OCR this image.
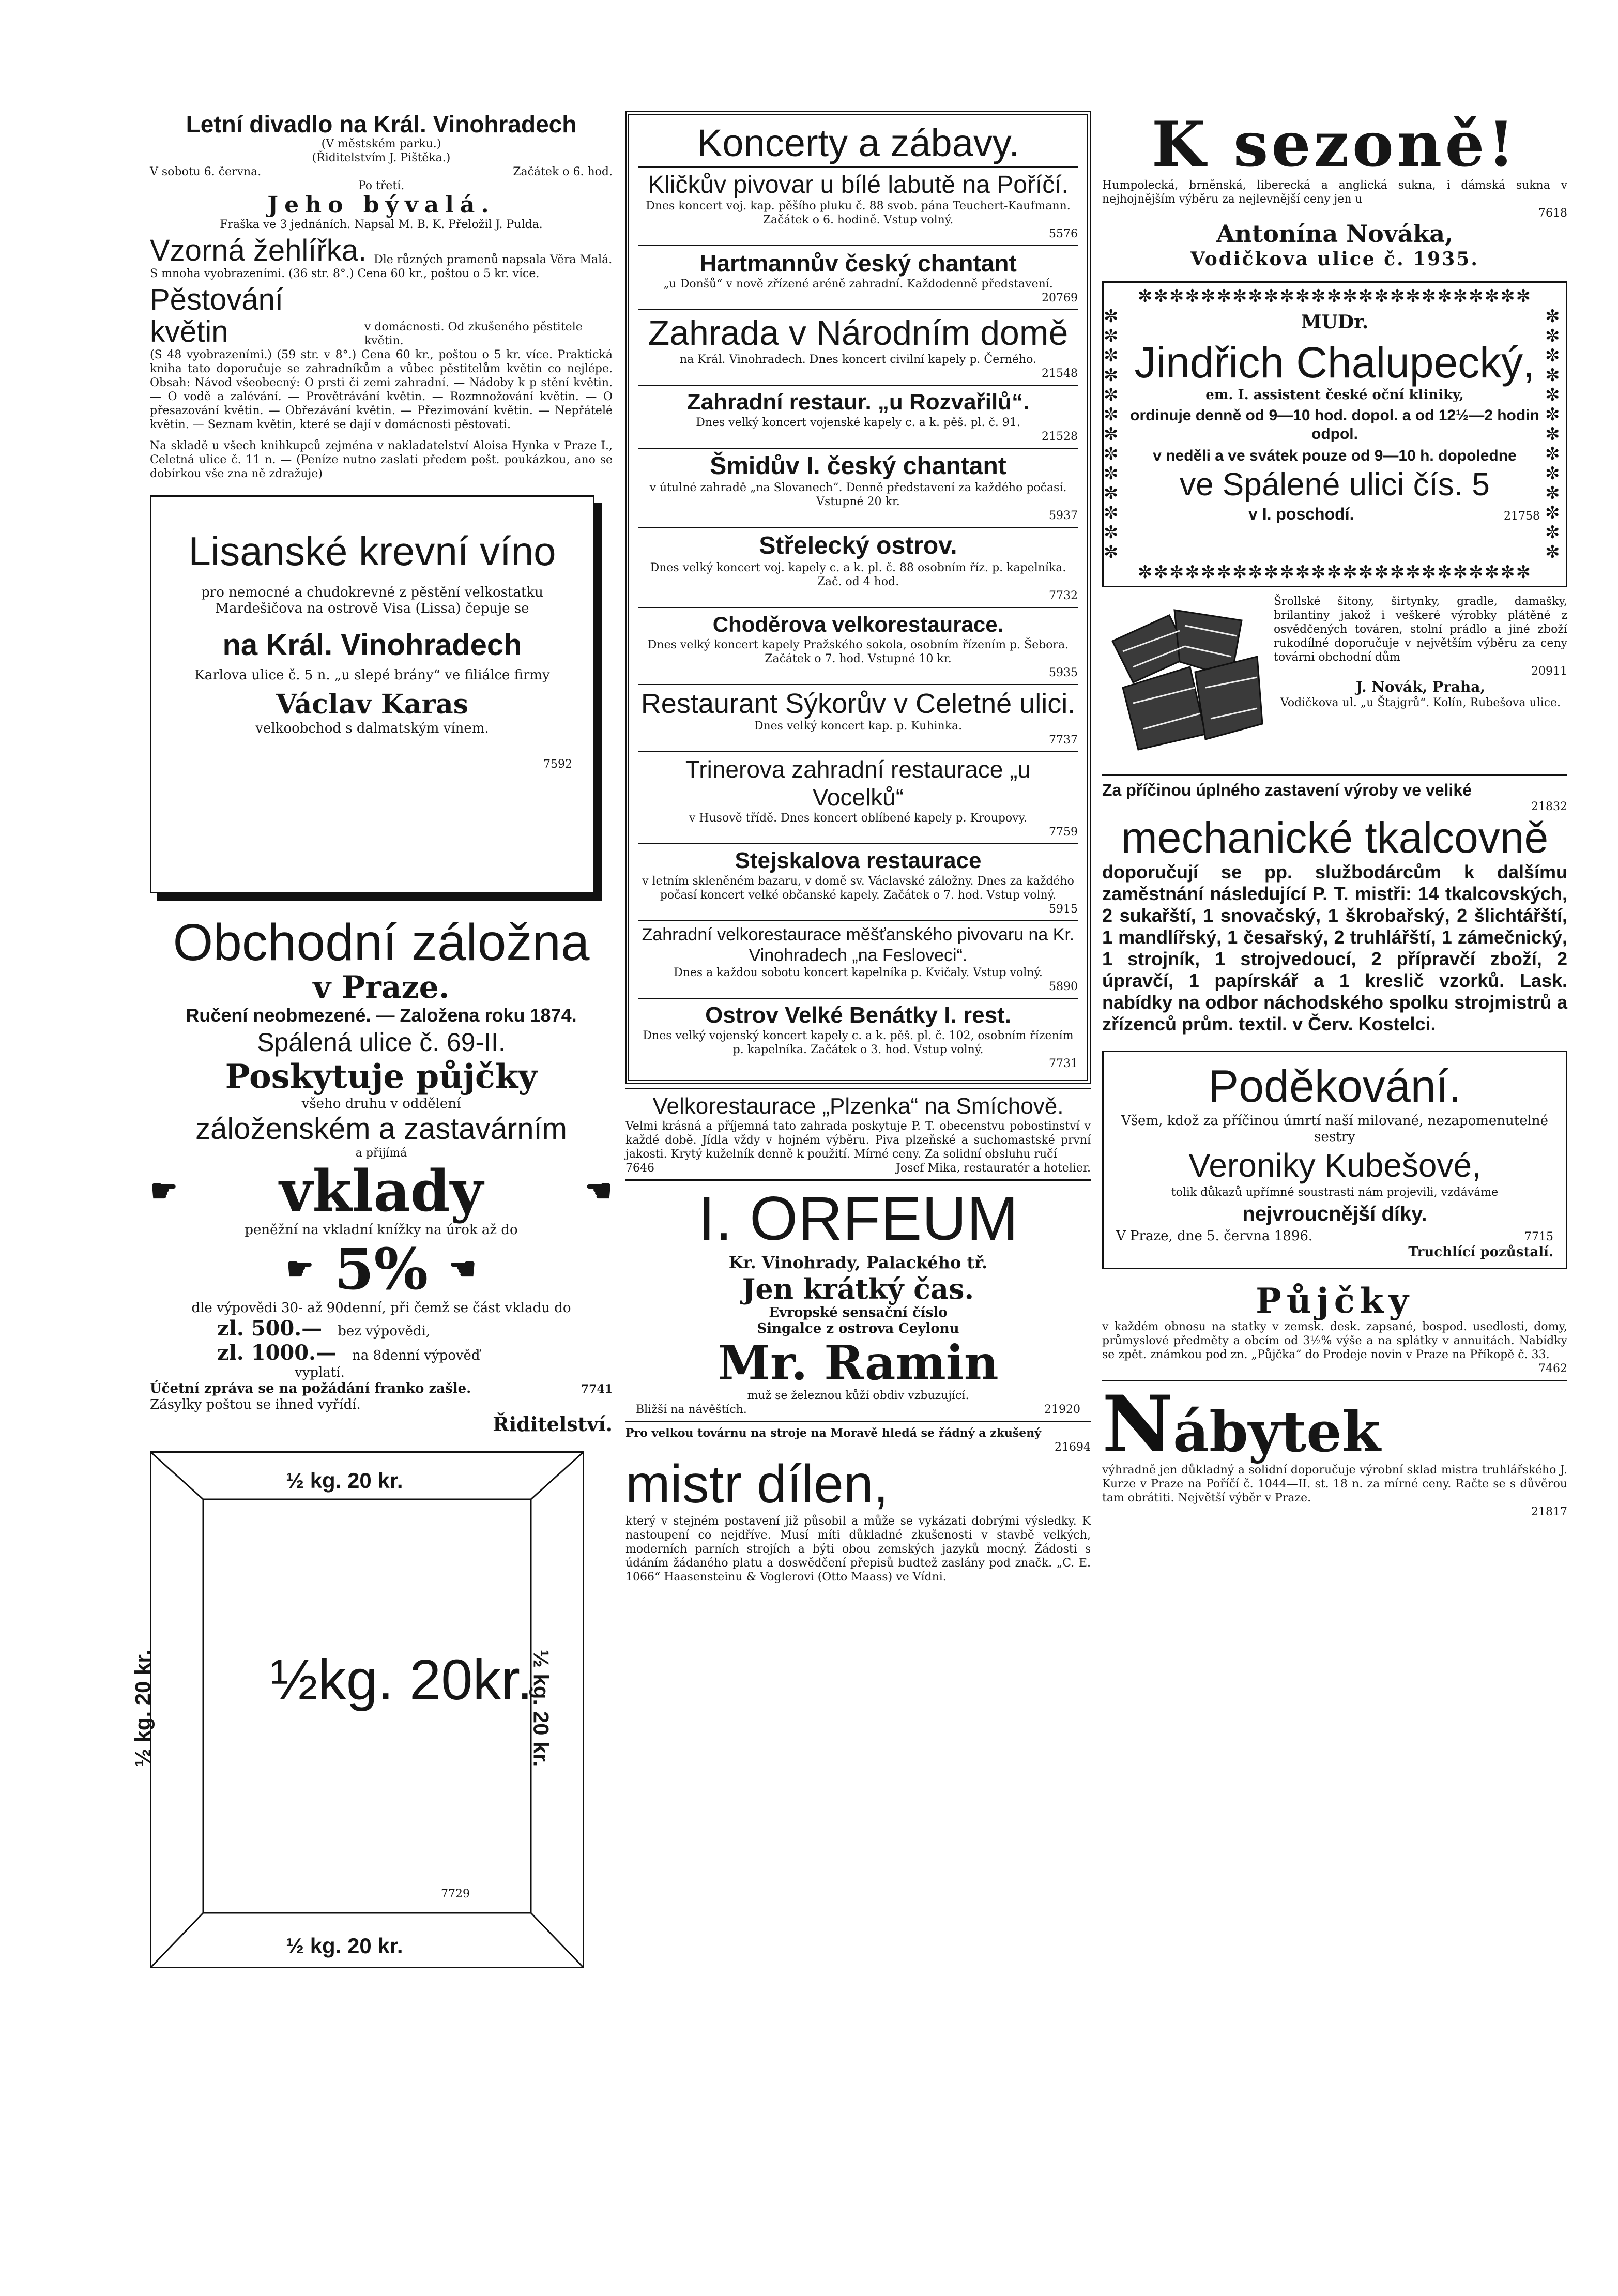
Letní divadlo na Král. Vinohradech
(V městském parku.)
(Řiditelstvím J. Pištěka.)
V sobotu 6. června.	Začátek o 6. hod.
Po třetí.
Jeho bývalá.
Fraška ve 3 jednáních. Napsal M. B. K. Přeložil J. Pulda.
Vzorná žehlířka. Dle různých pramenů napsala Věra Malá.
S mnoha vyobrazeními. (36 str. 8°.) Cena 60 kr., poštou o 5 kr. více.
Pěstování květin	v domácnosti. Od zkušeného pěstitele květin.
(S 48 vyobrazeními.) (59 str. v 8°.) Cena 60 kr., poštou o 5 kr. více. Praktická kniha tato doporučuje se zahradníkům a vůbec pěstitelům květin co nejlépe. Obsah: Návod všeobecný: O prsti či zemi zahradní. — Nádoby k p stění květin. — O vodě a zalévání. — Provětrávání květin. — Rozmnožování květin. — O přesazování květin. — Obřezávání květin. — Přezimování květin. — Nepřátelé květin. — Seznam květin, které se dají v domácnosti pěstovati.
Na skladě u všech knihkupců zejména v nakladatelství Aloisa Hynka v Praze I., Celetná ulice č. 11 n. — (Peníze nutno zaslati předem pošt. poukázkou, ano se dobírkou vše zna ně zdražuje)
Lisanské krevní víno
pro nemocné a chudokrevné z pěstění velkostatku Mardešičova na ostrově Visa (Lissa) čepuje se
na Král. Vinohradech
Karlova ulice č. 5 n. „u slepé brány“ ve filiálce firmy
Václav Karas
velkoobchod s dalmatským vínem.
7592
Obchodní záložna
v Praze.
Ručení neobmezené. — Založena roku 1874.
Spálená ulice č. 69-II.
Poskytuje půjčky
všeho druhu v oddělení
záloženském a zastavárním
a přijímá
☛ vklady	☚
peněžní na vkladní knížky na úrok až do
☛ 5% ☚
dle výpovědi 30- až 90denní, při čemž se část vkladu do
zl. 500.— bez výpovědi,
zl. 1000.— na 8denní výpověď
vyplatí.
Účetní zpráva se na požádání franko zašle.	7741
Zásylky poštou se ihned vyřídí.
Řiditelství.
½ kg. 20 kr.
½ kg. 20 kr.	½ kg. 20 kr.
½kg. 20kr.
7729
½ kg. 20 kr.
Koncerty a zábavy.
Kličkův pivovar u bílé labutě na Poříčí.
Dnes koncert voj. kap. pěšího pluku č. 88 svob. pána Teuchert-Kaufmann. Začátek o 6. hodině. Vstup volný.
5576
Hartmannův český chantant
„u Donšů“ v nově zřízené aréně zahradní. Každodenně představení.
20769
Zahrada v Národním domě
na Král. Vinohradech. Dnes koncert civilní kapely p. Černého.
21548
Zahradní restaur. „u Rozvařilů“.
Dnes velký koncert vojenské kapely c. a k. pěš. pl. č. 91.
21528
Šmidův I. český chantant
v útulné zahradě „na Slovanech“. Denně představení za každého počasí. Vstupné 20 kr.
5937
Střelecký ostrov.
Dnes velký koncert voj. kapely c. a k. pl. č. 88 osobním říz. p. kapelníka. Zač. od 4 hod.
7732
Choděrova velkorestaurace.
Dnes velký koncert kapely Pražského sokola, osobním řízením p. Šebora. Začátek o 7. hod. Vstupné 10 kr.
5935
Restaurant Sýkorův v Celetné ulici.
Dnes velký koncert kap. p. Kuhinka.
7737
Trinerova zahradní restaurace „u Vocelků“
v Husově třídě. Dnes koncert oblíbené kapely p. Kroupovy.
7759
Stejskalova restaurace
v letním skleněném bazaru, v domě sv. Václavské záložny. Dnes za každého počasí koncert velké občanské kapely. Začátek o 7. hod. Vstup volný.
5915
Zahradní velkorestaurace měšťanského pivovaru na Kr. Vinohradech „na Fesloveci“.
Dnes a každou sobotu koncert kapelníka p. Kvičaly. Vstup volný.
5890
Ostrov Velké Benátky I. rest.
Dnes velký vojenský koncert kapely c. a k. pěš. pl. č. 102, osobním řízením p. kapelníka. Začátek o 3. hod. Vstup volný.
7731
Velkorestaurace „Plzenka“ na Smíchově.
Velmi krásná a příjemná tato zahrada poskytuje P. T. obecenstvu pobostinství v každé době. Jídla vždy v hojném výběru. Piva plzeňské a suchomastské první jakosti. Krytý kuželník denně k použití. Mírné ceny. Za solidní obsluhu ručí
7646	Josef Mika, restauratér a hotelier.
I. ORFEUM
Kr. Vinohrady, Palackého tř.
Jen krátký čas.
Evropské sensační číslo
Singalce z ostrova Ceylonu
Mr. Ramin
muž se železnou kůží obdiv vzbuzující.
Bližší na návěštích.	21920
Pro velkou továrnu na stroje na Moravě hledá se řádný a zkušený
21694
mistr dílen,
který v stejném postavení již působil a může se vykázati dobrými výsledky. K nastoupení co nejdříve. Musí míti důkladné zkušenosti v stavbě velkých, moderních parních strojích a býti obou zemských jazyků mocný. Žádosti s údáním žádaného platu a doswědčení přepisů budtež zaslány pod značk. „C. E. 1066“ Haasensteinu & Voglerovi (Otto Maass) ve Vídni.
K sezoně!
Humpolecká, brněnská, liberecká a anglická sukna, i dámská sukna v nejhojnějším výběru za nejlevnější ceny jen u
7618
Antonína Nováka,
Vodičkova ulice č. 1935.
✼✼✼✼✼✼✼✼✼✼✼✼✼✼✼✼✼✼✼✼✼✼✼✼✼
✼ ✼ ✼ ✼ ✼ ✼ ✼ ✼ ✼ ✼ ✼ ✼ ✼
MUDr.
Jindřich Chalupecký,
em. I. assistent české oční kliniky,
ordinuje denně od 9—10 hod. dopol. a od 12½—2 hodin odpol.
v neděli a ve svátek pouze od 9—10 h. dopoledne
ve Spálené ulici čís. 5
v I. poschodí.	21758
✼ ✼ ✼ ✼ ✼ ✼ ✼ ✼ ✼ ✼ ✼ ✼ ✼
✼✼✼✼✼✼✼✼✼✼✼✼✼✼✼✼✼✼✼✼✼✼✼✼✼
Šrollské šitony, širtynky, gradle, damašky, brilantiny jakož i veškeré výrobky plátěné z osvědčených továren, stolní prádlo a jiné zboží rukodílné doporučuje v největším výběru za ceny továrni obchodní dům
20911
J. Novák, Praha,
Vodičkova ul. „u Štajgrů“. Kolín, Rubešova ulice.
Za příčinou úplného zastavení výroby ve veliké
21832
mechanické tkalcovně
doporučují se pp. službodárcům k dalšímu zaměstnání následující P. T. mistři: 14 tkalcovských, 2 sukařští, 1 snovačský, 1 škrobařský, 2 šlichtářští, 1 mandlířský, 1 česařský, 2 truhlářští, 1 zámečnický, 1 strojník, 1 strojvedoucí, 2 přípravčí zboží, 2 úpravčí, 1 papírskář a 1 kreslič vzorků. Lask. nabídky na odbor náchodského spolku strojmistrů a zřízenců prům. textil. v Červ. Kostelci.
Poděkování.
Všem, kdož za příčinou úmrtí naší milované, nezapomenutelné sestry
Veroniky Kubešové,
tolik důkazů upřímné soustrasti nám projevili, vzdáváme
nejvroucnější díky.
V Praze, dne 5. června 1896.	7715
Truchlící pozůstalí.
Půjčky
v každém obnosu na statky v zemsk. desk. zapsané, bospod. usedlosti, domy, průmyslové předměty a obcím od 3½% výše a na splátky v annuitách. Nabídky se zpět. známkou pod zn. „Půjčka“ do Prodeje novin v Praze na Příkopě č. 33.
7462
N ábytek
výhradně jen důkladný a solidní doporučuje výrobní sklad mistra truhlářského J. Kurze v Praze na Poříčí č. 1044—II. st. 18 n. za mírné ceny. Račte se s důvěrou tam obrátiti. Největší výběr v Praze.
21817
